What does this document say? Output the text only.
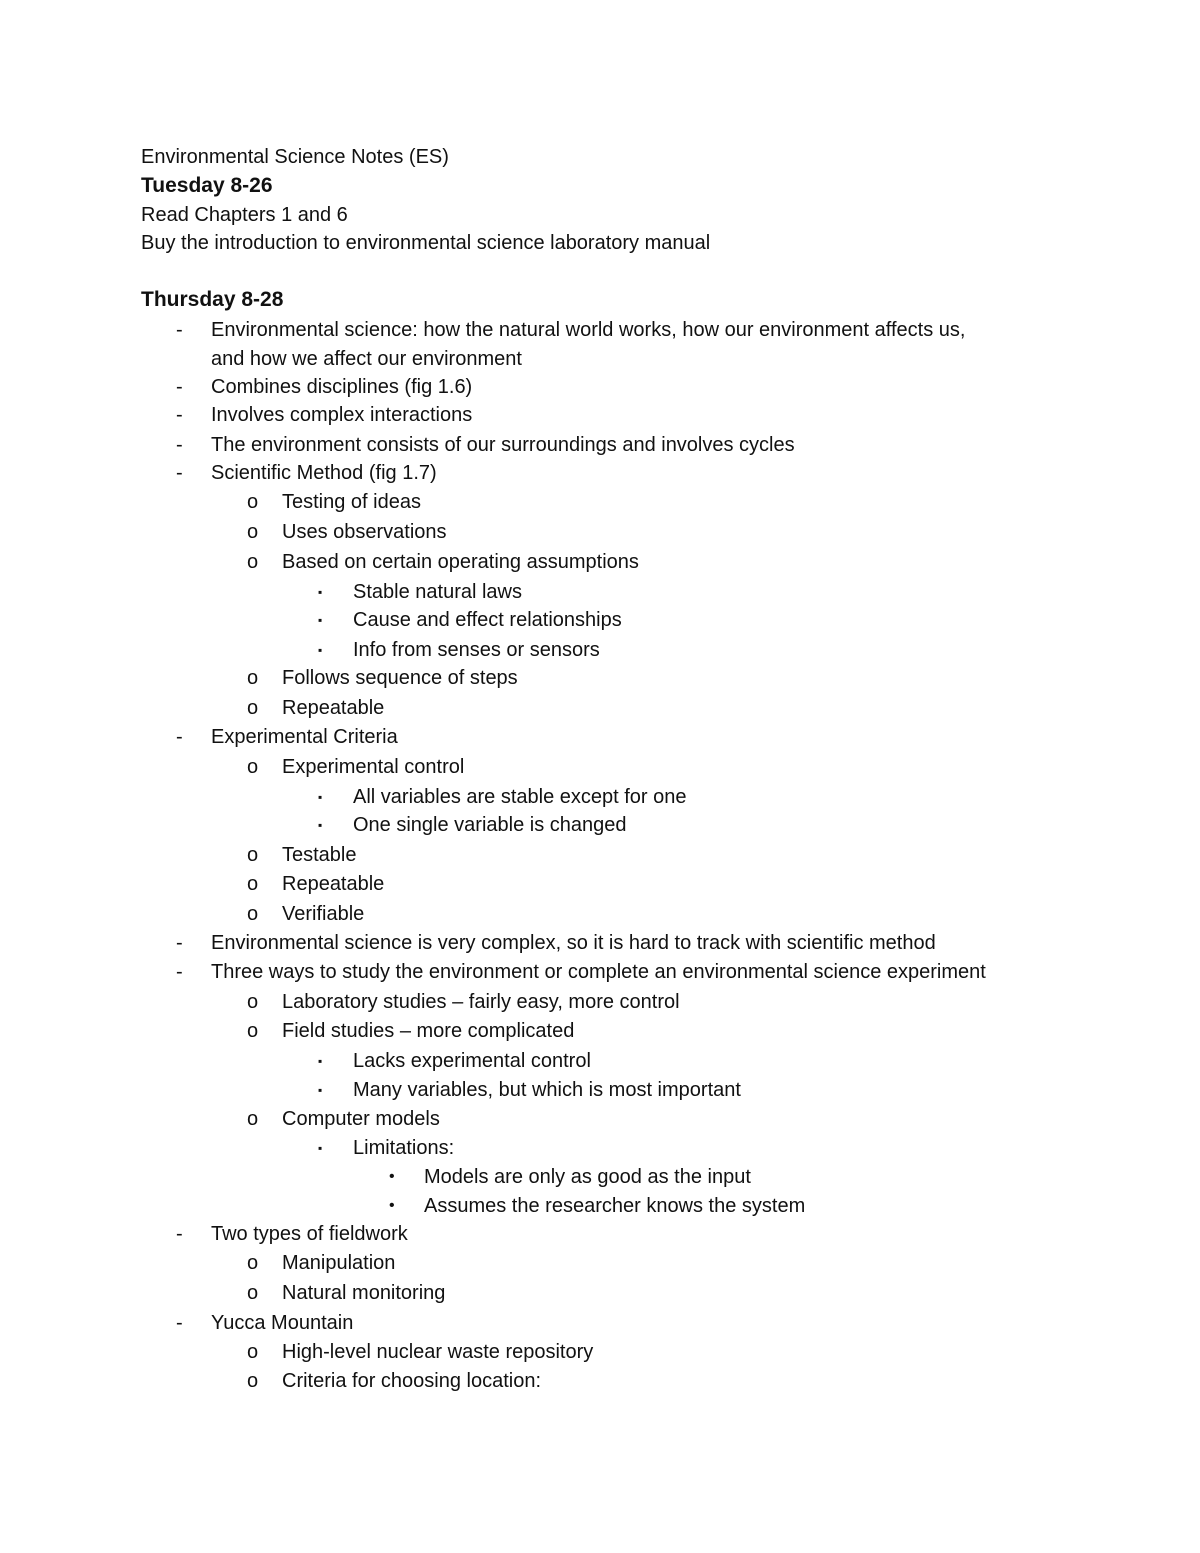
Environmental Science Notes (ES)
Tuesday 8-26
Read Chapters 1 and 6
Buy the introduction to environmental science laboratory manual
Thursday 8-28
- Environmental science: how the natural world works, how our environment affects us,
and how we affect our environment
- Combines disciplines (fig 1.6)
- Involves complex interactions
- The environment consists of our surroundings and involves cycles
- Scientific Method (fig 1.7)
o Testing of ideas
o Uses observations
o Based on certain operating assumptions
▪ Stable natural laws
▪ Cause and effect relationships
▪ Info from senses or sensors
o Follows sequence of steps
o Repeatable
- Experimental Criteria
o Experimental control
▪ All variables are stable except for one
▪ One single variable is changed
o Testable
o Repeatable
o Verifiable
- Environmental science is very complex, so it is hard to track with scientific method
- Three ways to study the environment or complete an environmental science experiment
o Laboratory studies – fairly easy, more control
o Field studies – more complicated
▪ Lacks experimental control
▪ Many variables, but which is most important
o Computer models
▪ Limitations:
• Models are only as good as the input
• Assumes the researcher knows the system
- Two types of fieldwork
o Manipulation
o Natural monitoring
- Yucca Mountain
o High-level nuclear waste repository
o Criteria for choosing location:
